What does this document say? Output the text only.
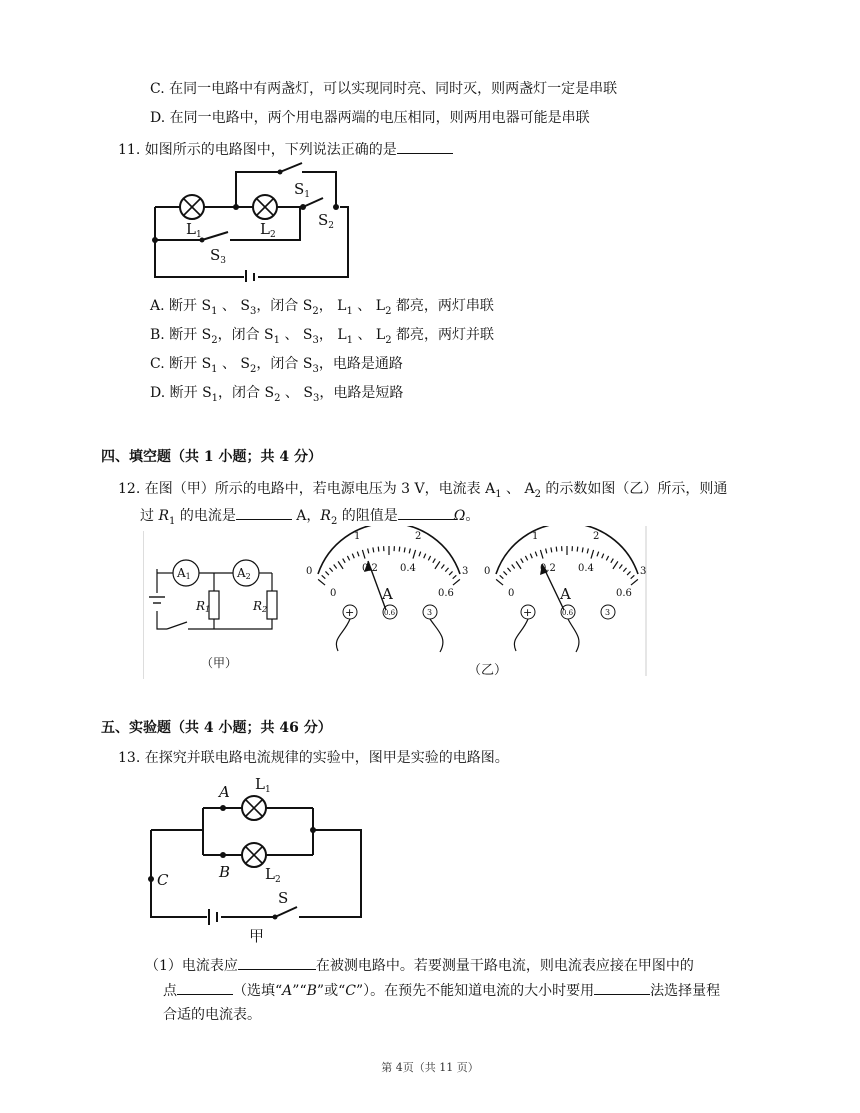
C. 在同一电路中有两盏灯，可以实现同时亮、同时灭，则两盏灯一定是串联
D. 在同一电路中，两个用电器两端的电压相同，则两用电器可能是串联
11. 如图所示的电路图中，下列说法正确的是
$L_1$	$L_2$
$S_1$
$S_2$
$S_3$
A. 断开 $S_1$ 、 $S_3$，闭合 $S_2$， $L_1$ 、 $L_2$ 都亮，两灯串联
B. 断开 $S_2$，闭合 $S_1$ 、 $S_3$， $L_1$ 、 $L_2$ 都亮，两灯并联
C. 断开 $S_1$ 、 $S_2$，闭合 $S_3$，电路是通路
D. 断开 $S_1$，闭合 $S_2$ 、 $S_3$，电路是短路
四、填空题（共 1 小题；共 4 分）
12. 在图（甲）所示的电路中，若电源电压为 3 V，电流表 $A_1$ 、 $A_2$ 的示数如图（乙）所示，则通
过 $R_1$ 的电流是	A，$R_2$ 的阻值是	Ω。
A1	A2
R1	R2
（甲）
1	2
0	3
0
0.2 0.4
0.6
A
+	0.6	3
1	2
0	3
0
0.2 0.4
0.6
A
+	0.6	3
（乙）
五、实验题（共 4 小题；共 46 分）
13. 在探究并联电路电流规律的实验中，图甲是实验的电路图。
A
B
C
$L_1$
$L_2$
S
甲
（1）电流表应	在被测电路中。若要测量干路电流，则电流表应接在甲图中的
点	（选填“A”“B”或“C”）。在预先不能知道电流的大小时要用	法选择量程
合适的电流表。
第 4页（共 11 页）
